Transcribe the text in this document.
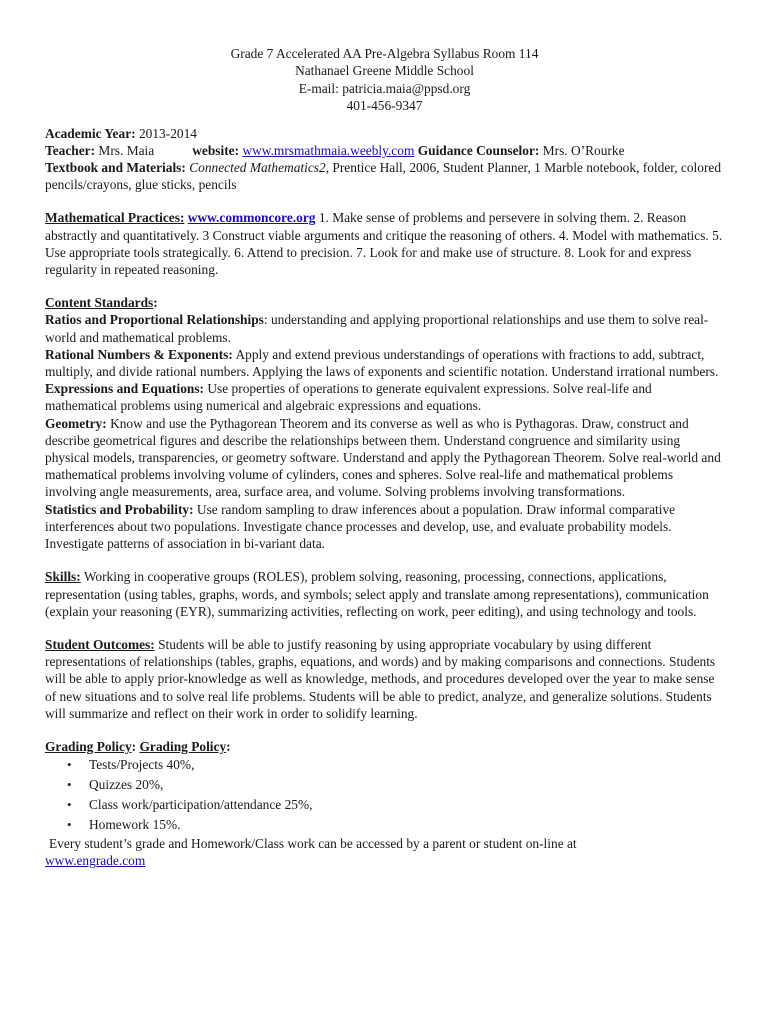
Grade 7 Accelerated AA Pre-Algebra Syllabus Room 114
Nathanael Greene Middle School
E-mail: patricia.maia@ppsd.org
401-456-9347

Academic Year: 2013-2014

Teacher: Mrs. Maia	website: www.mrsmathmaia.weebly.com Guidance Counselor: Mrs. O’Rourke

Textbook and Materials: Connected Mathematics2, Prentice Hall, 2006, Student Planner, 1 Marble notebook, folder, colored pencils/crayons, glue sticks, pencils

Mathematical Practices: www.commoncore.org 1. Make sense of problems and persevere in solving them. 2. Reason abstractly and quantitatively. 3 Construct viable arguments and critique the reasoning of others. 4. Model with mathematics. 5. Use appropriate tools strategically. 6. Attend to precision. 7. Look for and make use of structure. 8. Look for and express regularity in repeated reasoning.

Content Standards:

Ratios and Proportional Relationships: understanding and applying proportional relationships and use them to solve real-world and mathematical problems.

Rational Numbers & Exponents: Apply and extend previous understandings of operations with fractions to add, subtract, multiply, and divide rational numbers. Applying the laws of exponents and scientific notation. Understand irrational numbers.

Expressions and Equations: Use properties of operations to generate equivalent expressions. Solve real-life and mathematical problems using numerical and algebraic expressions and equations.

Geometry: Know and use the Pythagorean Theorem and its converse as well as who is Pythagoras. Draw, construct and describe geometrical figures and describe the relationships between them. Understand congruence and similarity using physical models, transparencies, or geometry software. Understand and apply the Pythagorean Theorem. Solve real-world and mathematical problems involving volume of cylinders, cones and spheres. Solve real-life and mathematical problems involving angle measurements, area, surface area, and volume. Solving problems involving transformations.

Statistics and Probability: Use random sampling to draw inferences about a population. Draw informal comparative interferences about two populations. Investigate chance processes and develop, use, and evaluate probability models. Investigate patterns of association in bi-variant data.

Skills: Working in cooperative groups (ROLES), problem solving, reasoning, processing, connections, applications, representation (using tables, graphs, words, and symbols; select apply and translate among representations), communication (explain your reasoning (EYR), summarizing activities, reflecting on work, peer editing), and using technology and tools.

Student Outcomes: Students will be able to justify reasoning by using appropriate vocabulary by using different representations of relationships (tables, graphs, equations, and words) and by making comparisons and connections. Students will be able to apply prior-knowledge as well as knowledge, methods, and procedures developed over the year to make sense of new situations and to solve real life problems. Students will be able to predict, analyze, and generalize solutions. Students will summarize and reflect on their work in order to solidify learning.

Grading Policy: Grading Policy:

• Tests/Projects 40%,
• Quizzes 20%,
• Class work/participation/attendance 25%,
• Homework 15%.

Every student’s grade and Homework/Class work can be accessed by a parent or student on-line at
www.engrade.com
